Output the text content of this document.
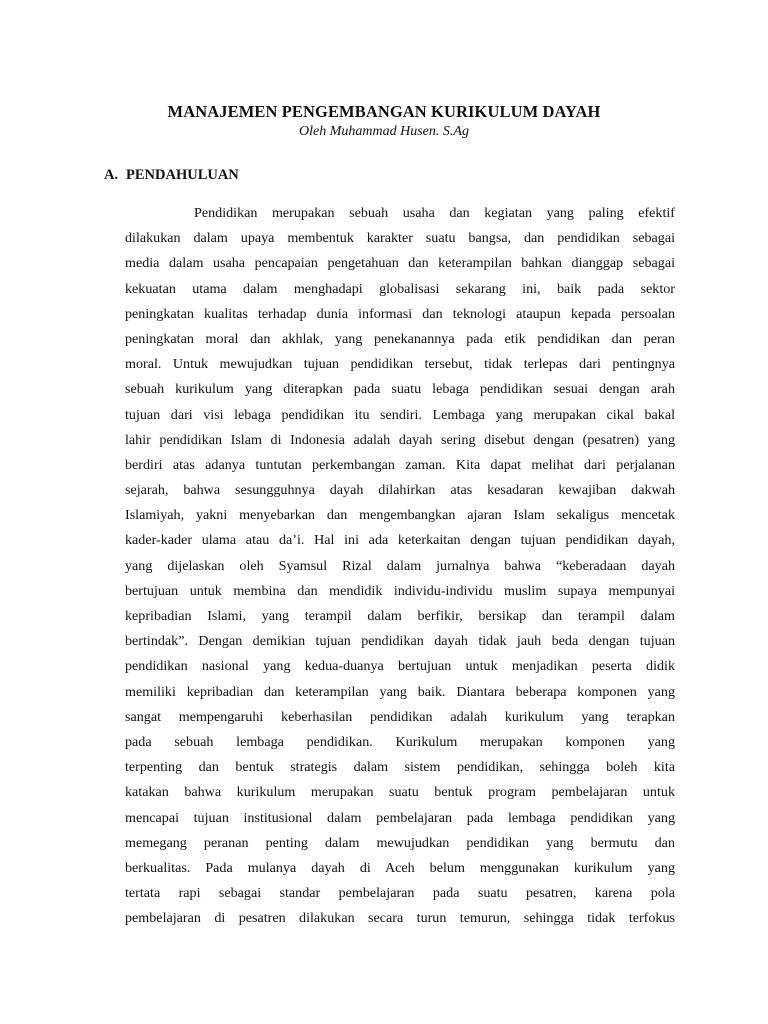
MANAJEMEN PENGEMBANGAN KURIKULUM DAYAH
Oleh Muhammad Husen. S.Ag
A. PENDAHULUAN
Pendidikan merupakan sebuah usaha dan kegiatan yang paling efektif
dilakukan dalam upaya membentuk karakter suatu bangsa, dan pendidikan sebagai
media dalam usaha pencapaian pengetahuan dan keterampilan bahkan dianggap sebagai
kekuatan utama dalam menghadapi globalisasi sekarang ini, baik pada sektor
peningkatan kualitas terhadap dunia informasi dan teknologi ataupun kepada persoalan
peningkatan moral dan akhlak, yang penekanannya pada etik pendidikan dan peran
moral. Untuk mewujudkan tujuan pendidikan tersebut, tidak terlepas dari pentingnya
sebuah kurikulum yang diterapkan pada suatu lebaga pendidikan sesuai dengan arah
tujuan dari visi lebaga pendidikan itu sendiri. Lembaga yang merupakan cikal bakal
lahir pendidikan Islam di Indonesia adalah dayah sering disebut dengan (pesatren) yang
berdiri atas adanya tuntutan perkembangan zaman. Kita dapat melihat dari perjalanan
sejarah, bahwa sesungguhnya dayah dilahirkan atas kesadaran kewajiban dakwah
Islamiyah, yakni menyebarkan dan mengembangkan ajaran Islam sekaligus mencetak
kader-kader ulama atau da’i. Hal ini ada keterkaitan dengan tujuan pendidikan dayah,
yang dijelaskan oleh Syamsul Rizal dalam jurnalnya bahwa “keberadaan dayah
bertujuan untuk membina dan mendidik individu-individu muslim supaya mempunyai
kepribadian Islami, yang terampil dalam berfikir, bersikap dan terampil dalam
bertindak”. Dengan demikian tujuan pendidikan dayah tidak jauh beda dengan tujuan
pendidikan nasional yang kedua-duanya bertujuan untuk menjadikan peserta didik
memiliki kepribadian dan keterampilan yang baik. Diantara beberapa komponen yang
sangat mempengaruhi keberhasilan pendidikan adalah kurikulum yang terapkan
pada sebuah lembaga pendidikan. Kurikulum merupakan komponen yang
terpenting dan bentuk strategis dalam sistem pendidikan, sehingga boleh kita
katakan bahwa kurikulum merupakan suatu bentuk program pembelajaran untuk
mencapai tujuan institusional dalam pembelajaran pada lembaga pendidikan yang
memegang peranan penting dalam mewujudkan pendidikan yang bermutu dan
berkualitas. Pada mulanya dayah di Aceh belum menggunakan kurikulum yang
tertata rapi sebagai standar pembelajaran pada suatu pesatren, karena pola
pembelajaran di pesatren dilakukan secara turun temurun, sehingga tidak terfokus
